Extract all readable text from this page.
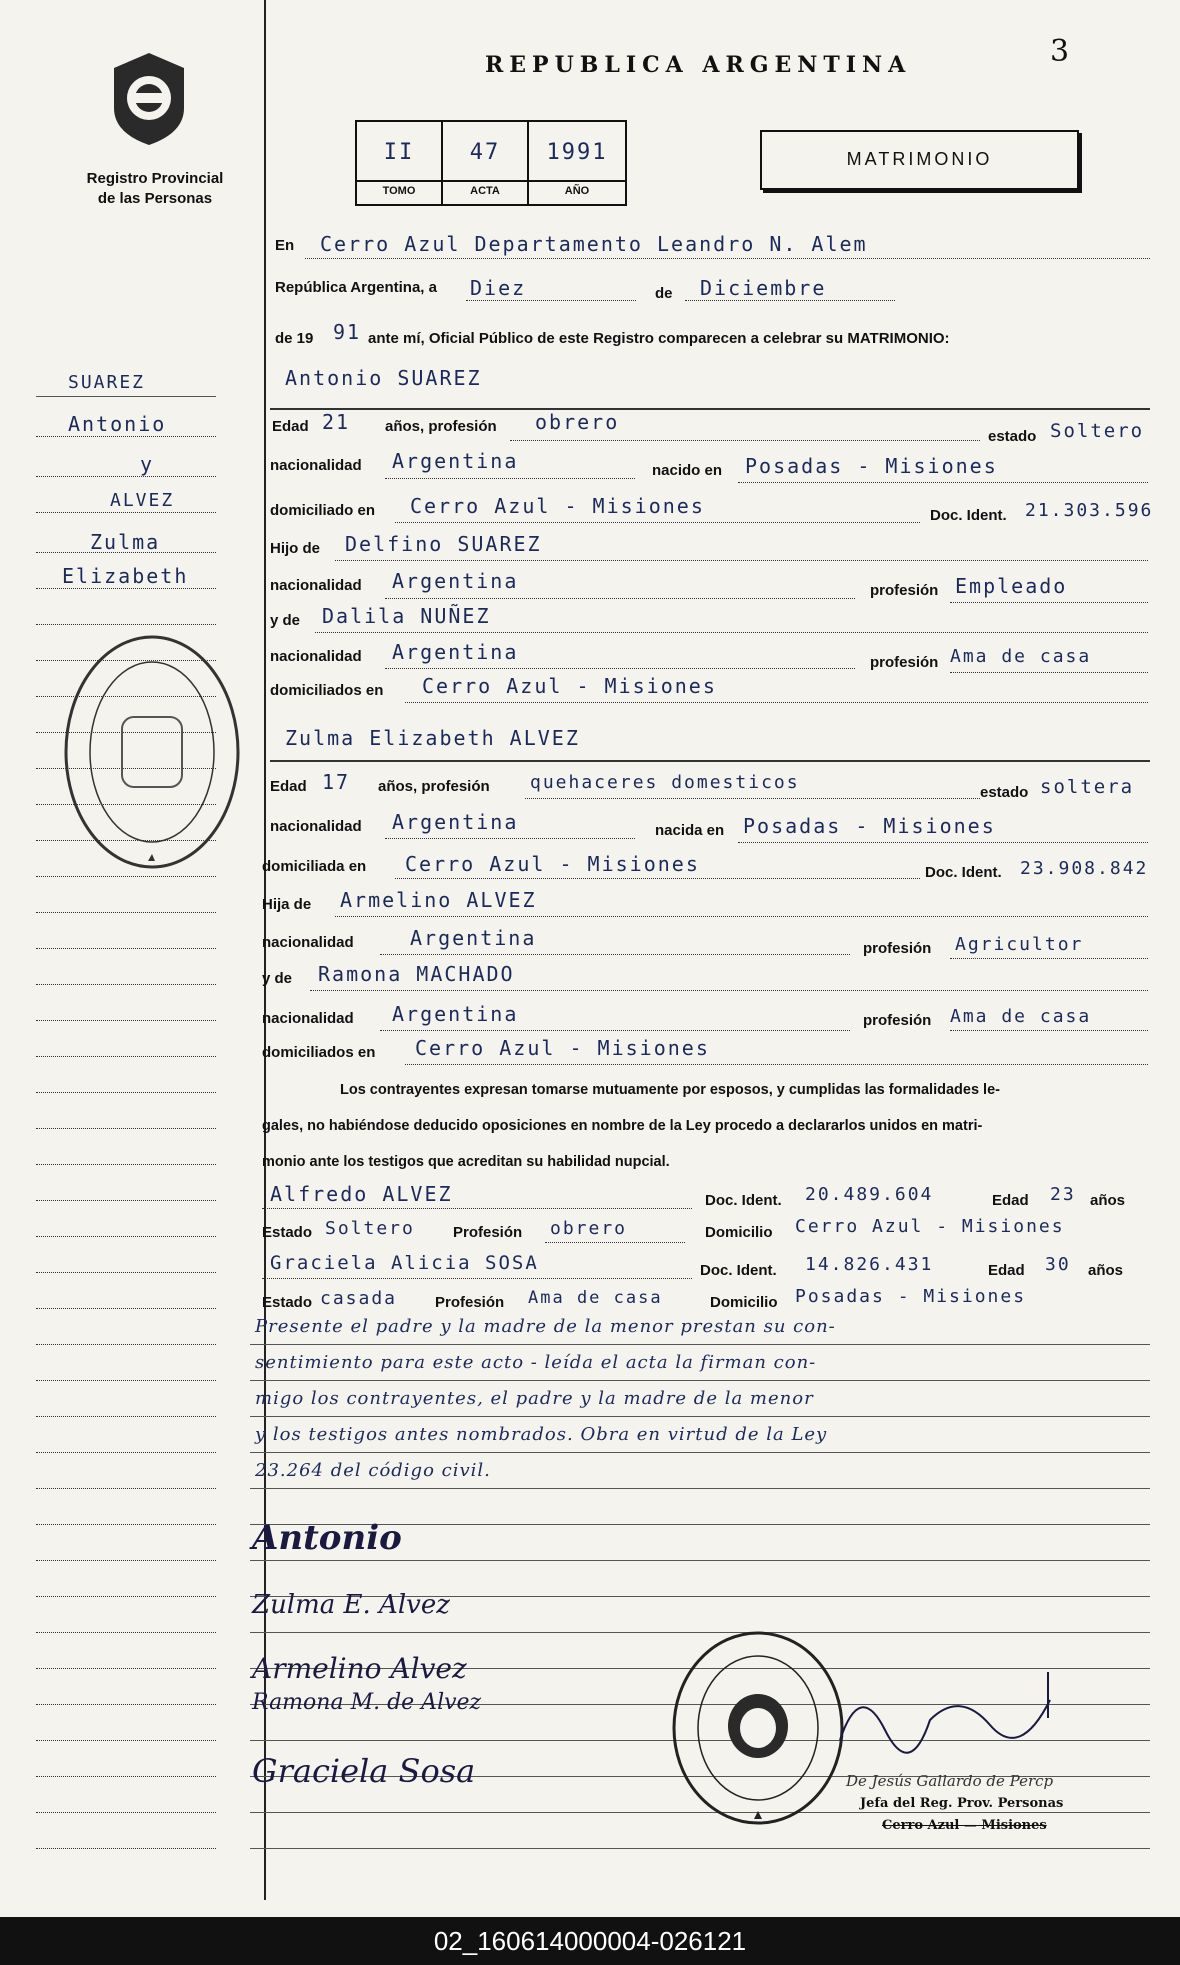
Registro Provincial
de las Personas
REPUBLICA ARGENTINA	3
II	47	1991
TOMO	ACTA	AÑO
MATRIMONIO
En Cerro Azul Departamento Leandro N. Alem
República Argentina, a Diez	de Diciembre
de 19 91 ante mí, Oficial Público de este Registro comparecen a celebrar su MATRIMONIO:
SUAREZ
Antonio
y
ALVEZ
Zulma
Elizabeth
Antonio SUAREZ
Edad 21 años, profesión obrero
estado Soltero
nacionalidad Argentina	nacido en Posadas - Misiones
domiciliado en Cerro Azul - Misiones	Doc. Ident. 21.303.596
Hijo de Delfino SUAREZ
nacionalidad Argentina	profesión Empleado
y de Dalila NUÑEZ
nacionalidad Argentina	profesión Ama de casa
domiciliados en Cerro Azul - Misiones
Zulma Elizabeth ALVEZ
Edad 17 años, profesión quehaceres domesticos	estado soltera
nacionalidad Argentina	nacida en Posadas - Misiones
domiciliada en Cerro Azul - Misiones	Doc. Ident. 23.908.842
Hija de Armelino ALVEZ
nacionalidad	Argentina	profesión Agricultor
y de Ramona MACHADO
nacionalidad Argentina	profesión Ama de casa
domiciliados en Cerro Azul - Misiones
Los contrayentes expresan tomarse mutuamente por esposos, y cumplidas las formalidades le-
gales, no habiéndose deducido oposiciones en nombre de la Ley procedo a declararlos unidos en matri-
monio ante los testigos que acreditan su habilidad nupcial.
Alfredo ALVEZ	Doc. Ident. 20.489.604	Edad 23 años
Estado Soltero	Profesión obrero	Domicilio Cerro Azul - Misiones
Graciela Alicia SOSA	Doc. Ident. 14.826.431	Edad 30 años
Estado casada	Profesión Ama de casa	Domicilio Posadas - Misiones
Presente el padre y la madre de la menor prestan su con-
sentimiento para este acto - leída el acta la firman con-
migo los contrayentes, el padre y la madre de la menor
y los testigos antes nombrados. Obra en virtud de la Ley
23.264 del código civil.
Antonio
Zulma E. Alvez
Armelino Alvez
Ramona M. de Alvez
Graciela Sosa	De Jesús Gallardo de Percp
Jefa del Reg. Prov. Personas
Cerro Azul — Misiones
02_160614000004-026121
